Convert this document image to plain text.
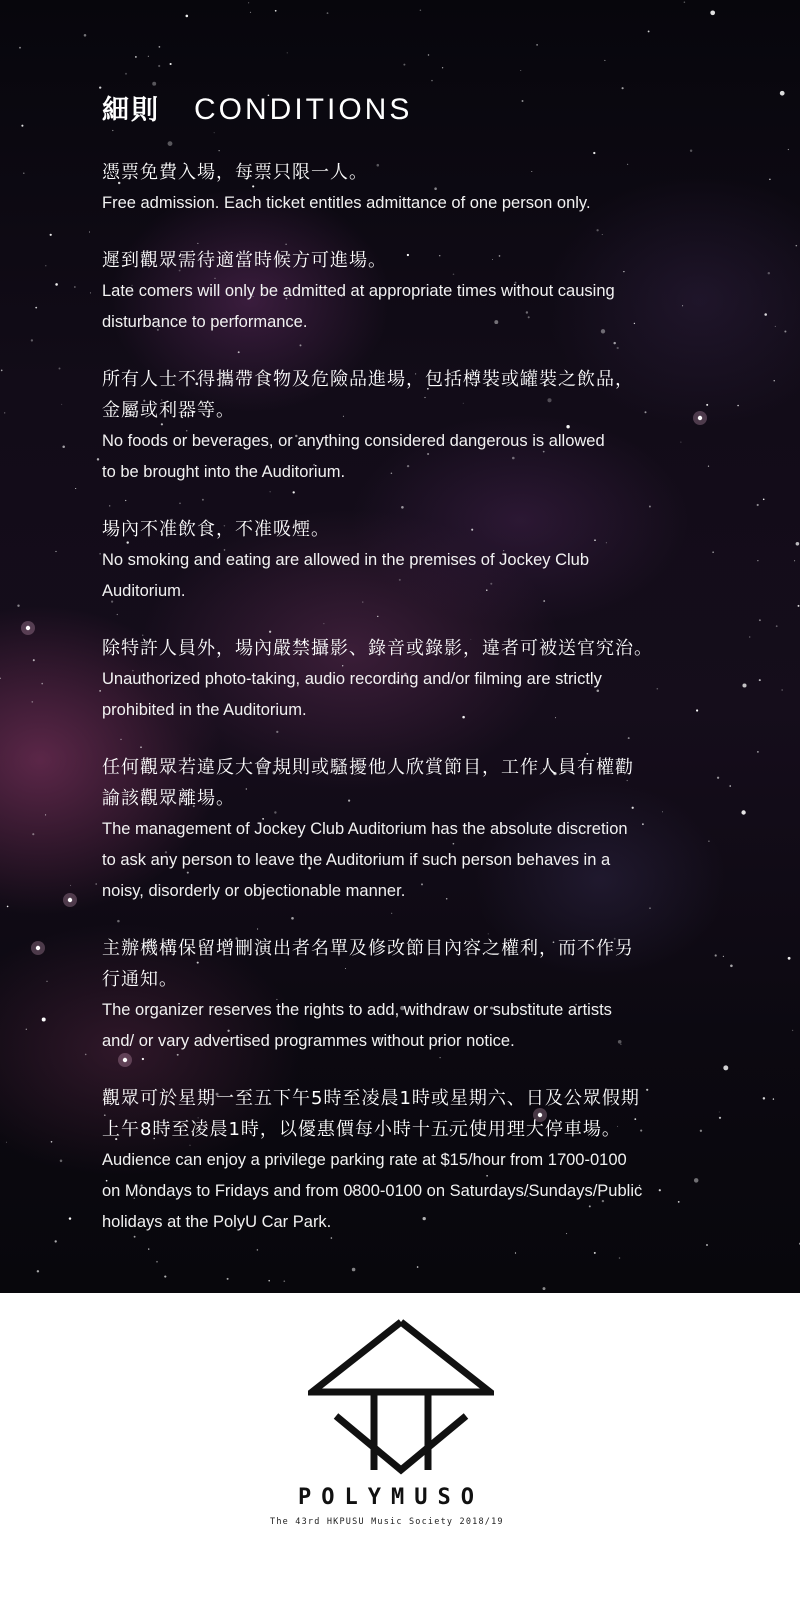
細則 CONDITIONS
憑票免費入場，每票只限一人。
Free admission. Each ticket entitles admittance of one person only.
遲到觀眾需待適當時候方可進場。
Late comers will only be admitted at appropriate times without causing
disturbance to performance.
所有人士不得攜帶食物及危險品進場，包括樽裝或罐裝之飲品，
金屬或利器等。
No foods or beverages, or anything considered dangerous is allowed
to be brought into the Auditorium.
場內不准飲食，不准吸煙。
No smoking and eating are allowed in the premises of Jockey Club
Auditorium.
除特許人員外，場內嚴禁攝影、錄音或錄影，違者可被送官究治。
Unauthorized photo-taking, audio recording and/or filming are strictly
prohibited in the Auditorium.
任何觀眾若違反大會規則或騷擾他人欣賞節目，工作人員有權勸
諭該觀眾離場。
The management of Jockey Club Auditorium has the absolute discretion
to ask any person to leave the Auditorium if such person behaves in a
noisy, disorderly or objectionable manner.
主辦機構保留增刪演出者名單及修改節目內容之權利，而不作另
行通知。
The organizer reserves the rights to add, withdraw or substitute artists
and/ or vary advertised programmes without prior notice.
觀眾可於星期一至五下午5時至凌晨1時或星期六、日及公眾假期
上午8時至凌晨1時，以優惠價每小時十五元使用理大停車場。
Audience can enjoy a privilege parking rate at $15/hour from 1700-0100
on Mondays to Fridays and from 0800-0100 on Saturdays/Sundays/Public
holidays at the PolyU Car Park.
POLYMUSO
The 43rd HKPUSU Music Society 2018/19
